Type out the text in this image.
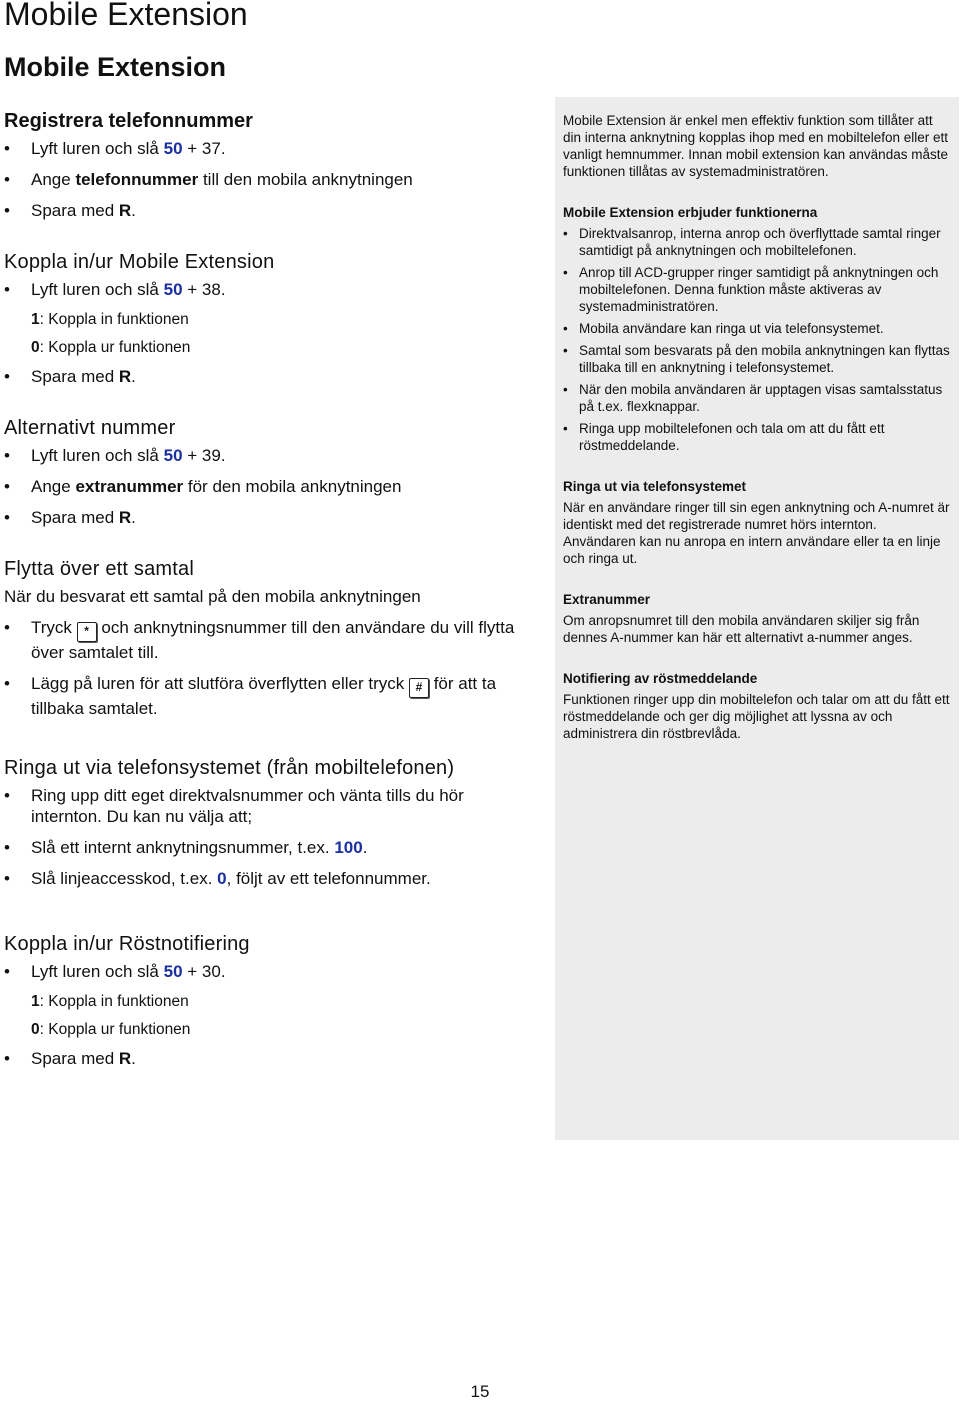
Mobile Extension
Mobile Extension
Registrera telefonnummer
• Lyft luren och slå 50 + 37.
• Ange telefonnummer till den mobila anknytningen
• Spara med R.
Koppla in/ur Mobile Extension
• Lyft luren och slå 50 + 38.
1: Koppla in funktionen
0: Koppla ur funktionen
• Spara med R.
Alternativt nummer
• Lyft luren och slå 50 + 39.
• Ange extranummer för den mobila anknytningen
• Spara med R.
Flytta över ett samtal
När du besvarat ett samtal på den mobila anknytningen
• Tryck * och anknytningsnummer till den användare du vill flytta över samtalet till.
• Lägg på luren för att slutföra överflytten eller tryck # för att ta tillbaka samtalet.
Ringa ut via telefonsystemet (från mobiltelefonen)
• Ring upp ditt eget direktvalsnummer och vänta tills du hör internton. Du kan nu välja att;
• Slå ett internt anknytningsnummer, t.ex. 100.
• Slå linjeaccesskod, t.ex. 0, följt av ett telefonnummer.
Koppla in/ur Röstnotifiering
• Lyft luren och slå 50 + 30.
1: Koppla in funktionen
0: Koppla ur funktionen
• Spara med R.

Mobile Extension är enkel men effektiv funktion som tillåter att din interna anknytning kopplas ihop med en mobiltelefon eller ett vanligt hemnummer. Innan mobil extension kan användas måste funktionen tillåtas av systemadministratören.

Mobile Extension erbjuder funktionerna
• Direktvalsanrop, interna anrop och överflyttade samtal ringer samtidigt på anknytningen och mobiltelefonen.
• Anrop till ACD-grupper ringer samtidigt på anknytningen och mobiltelefonen. Denna funktion måste aktiveras av systemadministratören.
• Mobila användare kan ringa ut via telefonsystemet.
• Samtal som besvarats på den mobila anknytningen kan flyttas tillbaka till en anknytning i telefonsystemet.
• När den mobila användaren är upptagen visas samtalsstatus på t.ex. flexknappar.
• Ringa upp mobiltelefonen och tala om att du fått ett röstmeddelande.
Ringa ut via telefonsystemet

När en användare ringer till sin egen anknytning och A-numret är identiskt med det registrerade numret hörs internton. Användaren kan nu anropa en intern användare eller ta en linje och ringa ut.

Extranummer

Om anropsnumret till den mobila användaren skiljer sig från dennes A-nummer kan här ett alternativt a-nummer anges.

Notifiering av röstmeddelande

Funktionen ringer upp din mobiltelefon och talar om att du fått ett röstmeddelande och ger dig möjlighet att lyssna av och administrera din röstbrevlåda.

15
